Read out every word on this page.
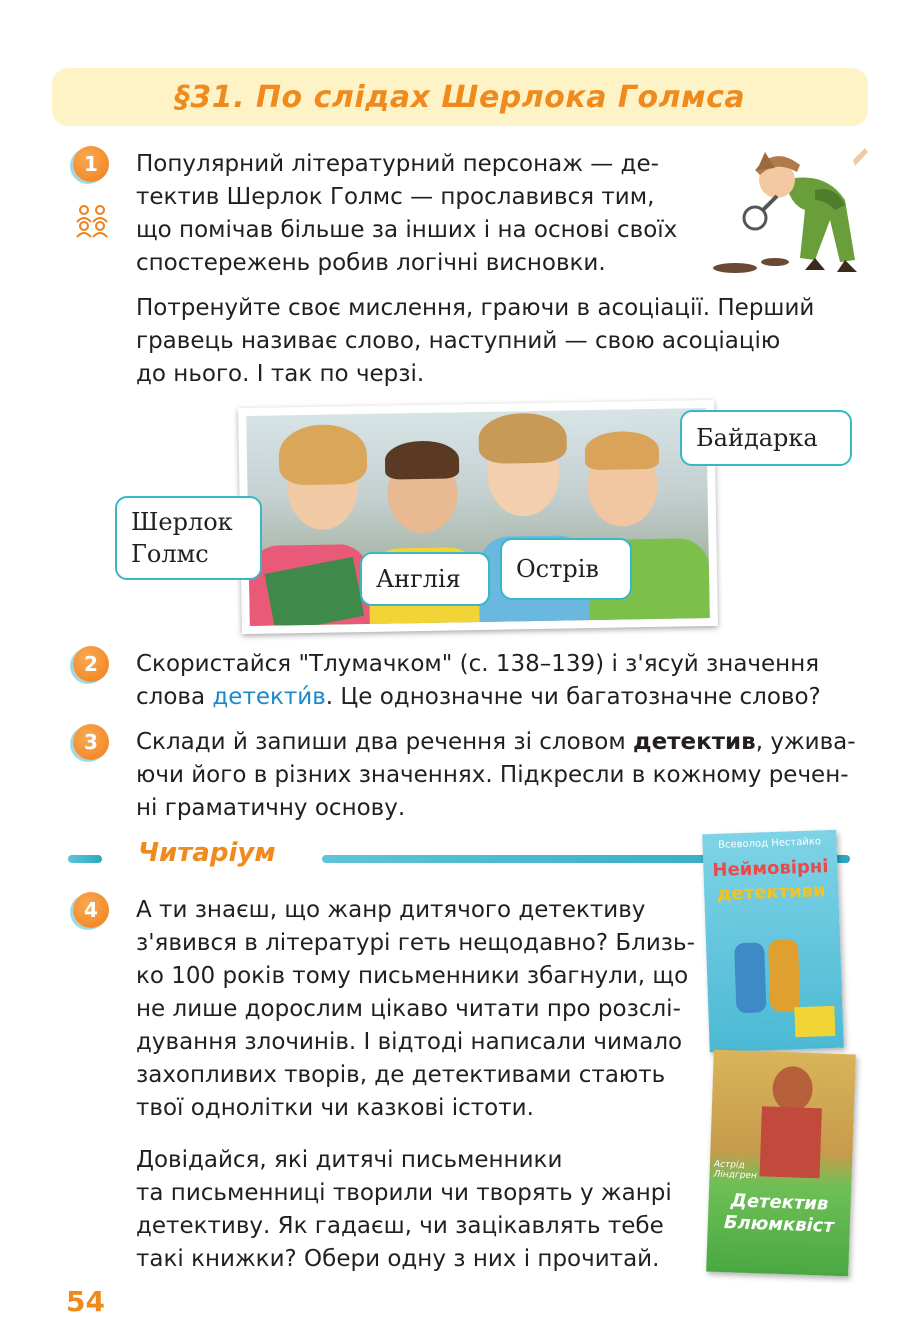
§31. По слідах Шерлока Голмса
1	Популярний літературний персонаж — де-
тектив Шерлок Голмс — прославився тим,
що помічав більше за інших і на основі своїх
спостережень робив логічні висновки.

Потренуйте своє мислення, граючи в асоціації. Перший
гравець називає слово, наступний — свою асоціацію
до нього. І так по черзі.

Шерлок
Голмс
Англія	Острів
Байдарка
2	Скористайся "Тлумачком" (с. 138–139) і з'ясуй значення
слова детекти́в. Це однозначне чи багатозначне слово?

3	Склади й запиши два речення зі словом детектив, ужива-
ючи його в різних значеннях. Підкресли в кожному речен-
ні граматичну основу.

Читаріум	Всеволод Нестайко
Неймовірні
детективи
Астрід Ліндгрен
Детектив
Блюмквіст
4	А ти знаєш, що жанр дитячого детективу
з'явився в літературі геть нещодавно? Близь-
ко 100 років тому письменники збагнули, що
не лише дорослим цікаво читати про розслі-
дування злочинів. І відтоді написали чимало
захопливих творів, де детективами стають
твої однолітки чи казкові істоти.

Довідайся, які дитячі письменники
та письменниці творили чи творять у жанрі
детективу. Як гадаєш, чи зацікавлять тебе
такі книжки? Обери одну з них і прочитай.

54
